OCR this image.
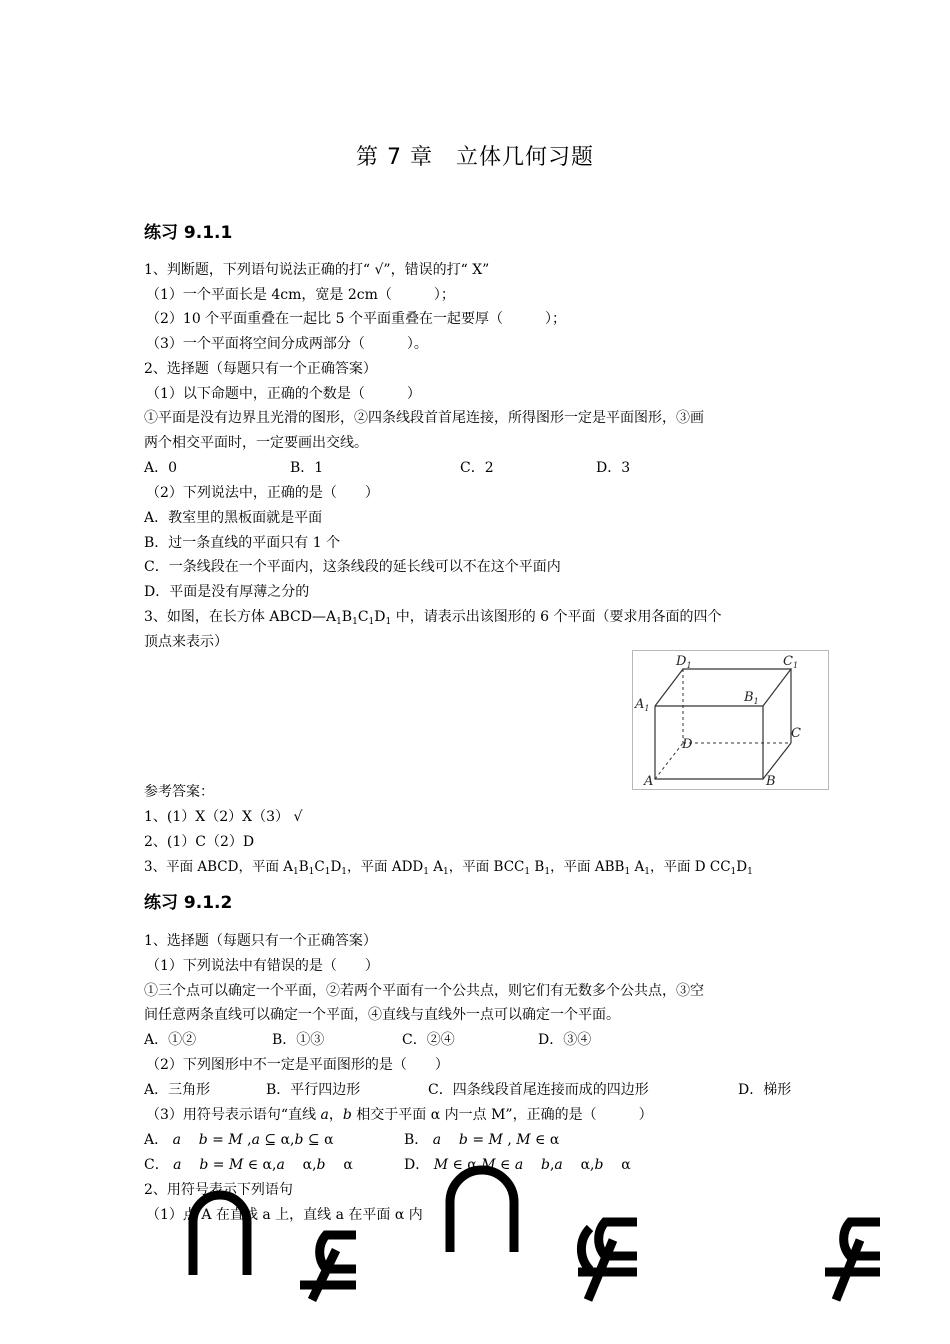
第 7 章　立体几何习题
练习 9.1.1
1、判断题，下列语句说法正确的打“ √”，错误的打“ X”
（1）一个平面长是 4cm，宽是 2cm（　　　）；
（2）10 个平面重叠在一起比 5 个平面重叠在一起要厚（　　　）；
（3）一个平面将空间分成两部分（　　　）。
2、选择题（每题只有一个正确答案）
（1）以下命题中，正确的个数是（　　　）
①平面是没有边界且光滑的图形，②四条线段首首尾连接，所得图形一定是平面图形，③画
两个相交平面时，一定要画出交线。
A．0	B．1	C．2	D．3
（2）下列说法中，正确的是（　　）
A．教室里的黑板面就是平面
B．过一条直线的平面只有 1 个
C．一条线段在一个平面内，这条线段的延长线可以不在这个平面内
D．平面是没有厚薄之分的
3、如图，在长方体 $ABCD—A_1B_1C_1D_1$ 中，请表示出该图形的 6 个平面（要求用各面的四个
顶点来表示）
A	B
C
D
$A_1$
$B_1$
$C_1$
$D_1$
参考答案：
1、(1）X（2）X（3） √
2、(1）C（2）D
3、平面 ABCD，平面 $A_1B_1C_1D_1$，平面 $ADD_1$ $A_1$，平面 $BCC_1$ $B_1$，平面 $ABB_1$ $A_1$，平面 D $CC_1D_1$
练习 9.1.2
1、选择题（每题只有一个正确答案）
（1）下列说法中有错误的是（　　）
①三个点可以确定一个平面，②若两个平面有一个公共点，则它们有无数多个公共点，③空
间任意两条直线可以确定一个平面，④直线与直线外一点可以确定一个平面。
A．①②	B．①③	C．②④	D．③④
（2）下列图形中不一定是平面图形的是（　　）
A．三角形	B．平行四边形	C．四条线段首尾连接而成的四边形	D．梯形
（3）用符号表示语句“直线 a，b 相交于平面 α 内一点 M”，正确的是（　　　）
A． a b = M ,a ⊆ α,b ⊆ α	B． a b = M , M ∈ α
C． a b = M ∈ α,a    α,b    α	D． M ∈ α,M ∈ a b,a    α,b    α
2、用符号表示下列语句
（1）点 A 在直线 a 上，直线 a 在平面 α 内
